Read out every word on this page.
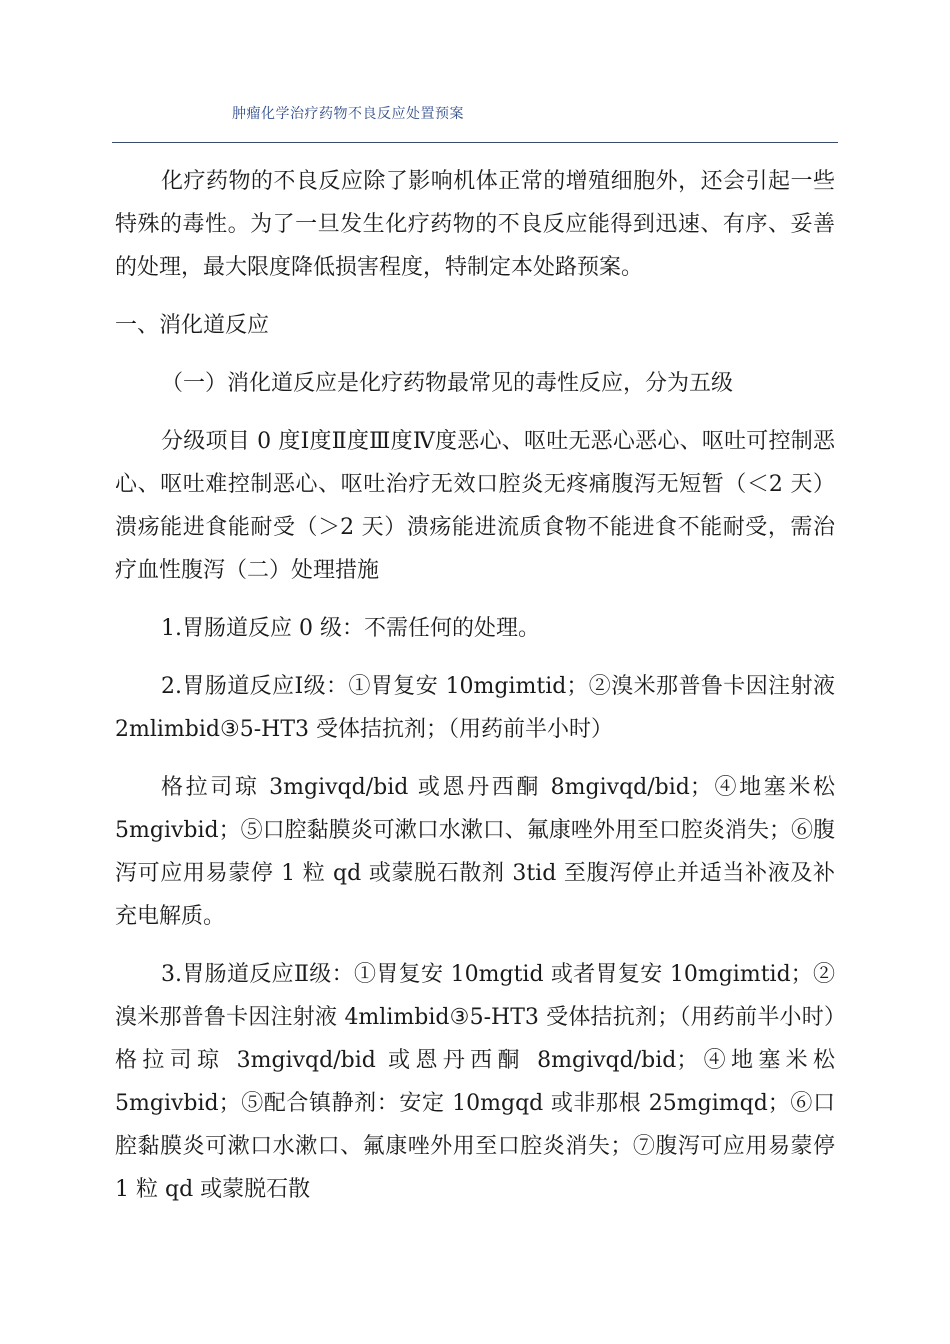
肿瘤化学治疗药物不良反应处置预案

化疗药物的不良反应除了影响机体正常的增殖细胞外，还会引起一些特殊的毒性。为了一旦发生化疗药物的不良反应能得到迅速、有序、妥善的处理，最大限度降低损害程度，特制定本处路预案。

一、消化道反应

（一）消化道反应是化疗药物最常见的毒性反应，分为五级

分级项目 0 度Ⅰ度Ⅱ度Ⅲ度Ⅳ度恶心、呕吐无恶心恶心、呕吐可控制恶心、呕吐难控制恶心、呕吐治疗无效口腔炎无疼痛腹泻无短暂（＜2 天）溃疡能进食能耐受（＞2 天）溃疡能进流质食物不能进食不能耐受，需治疗血性腹泻（二）处理措施

1.胃肠道反应 0 级：不需任何的处理。

2.胃肠道反应Ⅰ级：①胃复安 10mgimtid；②溴米那普鲁卡因注射液 2mlimbid③5-HT3 受体拮抗剂；（用药前半小时）

格拉司琼 3mgivqd/bid 或恩丹西酮 8mgivqd/bid；④地塞米松 5mgivbid；⑤口腔黏膜炎可漱口水漱口、氟康唑外用至口腔炎消失；⑥腹泻可应用易蒙停 1 粒 qd 或蒙脱石散剂 3tid 至腹泻停止并适当补液及补充电解质。

3.胃肠道反应Ⅱ级：①胃复安 10mgtid 或者胃复安 10mgimtid；②溴米那普鲁卡因注射液 4mlimbid③5-HT3 受体拮抗剂；（用药前半小时）格拉司琼 3mgivqd/bid 或恩丹西酮 8mgivqd/bid；④地塞米松 5mgivbid；⑤配合镇静剂：安定 10mgqd 或非那根 25mgimqd；⑥口腔黏膜炎可漱口水漱口、氟康唑外用至口腔炎消失；⑦腹泻可应用易蒙停 1 粒 qd 或蒙脱石散
